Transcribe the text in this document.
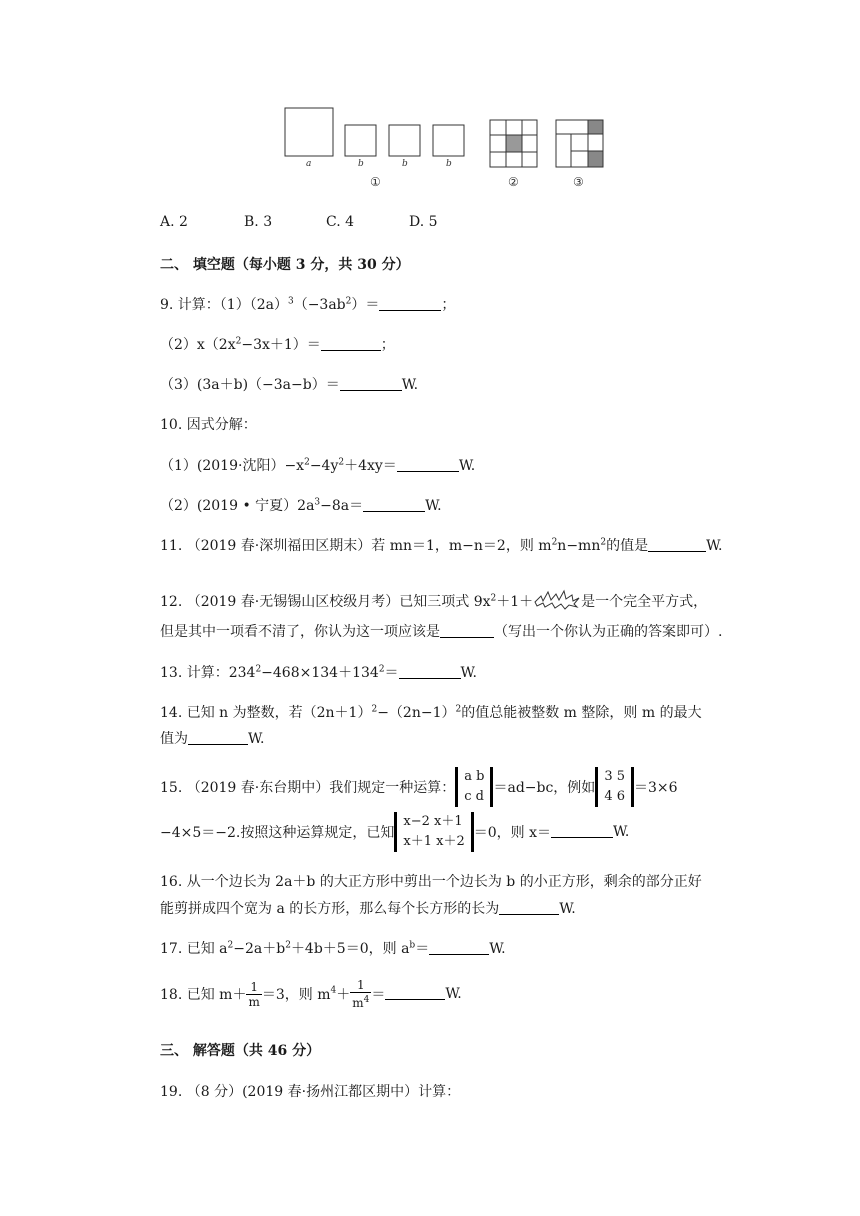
a	b	b	b
①	②	③
A. 2	B. 3	C. 4	D. 5
二、 填空题（每小题 3 分，共 30 分）
9. 计算：$(1)(2a)^3(-3ab^2)=$	；
$(2)x(2x^2-3x+1)=$	；
（3）(3a＋b)（−3a−b）＝	W.
10. 因式分解：
（1）(2019·沈阳）$-x^2-4y^2+4xy=$	W.
（2）(2019 • 宁夏）$2a^3-8a=$	W.
11. （2019 春·深圳福田区期末）若 mn＝1，m−n＝2，则 $m^2n-mn^2$的值是	W.
12. （2019 春·无锡锡山区校级月考）已知三项式 $9x^2+1+$	是一个完全平方式，
但是其中一项看不清了，你认为这一项应该是	（写出一个你认为正确的答案即可）.
13. 计算：$234^2-468\times 134+134^2=$	W.
14. 已知 n 为整数，若$(2n+1)^2-(2n-1)^2$的值总能被整数 m 整除，则 m 的最大
值为	W.
15. （2019 春·东台期中）我们规定一种运算：
a b
c d
＝ad−bc，例如
3 5
4 6
＝3×6
−4×5＝−2.按照这种运算规定，已知
x−2 x＋1
x＋1 x＋2
＝0，则 x＝	W.
16. 从一个边长为 2a＋b 的大正方形中剪出一个边长为 b 的小正方形，剩余的部分正好
能剪拼成四个宽为 a 的长方形，那么每个长方形的长为	W.
17. 已知 $a^2-2a+b^2+4b+5=0$，则 $a^b=$	W.
18. 已知 $m+ \frac{1}{m} =3$，则 $m^4+ \frac{1}{m^4}$ ＝	W.
三、 解答题（共 46 分）
19. （8 分）(2019 春·扬州江都区期中）计算：
